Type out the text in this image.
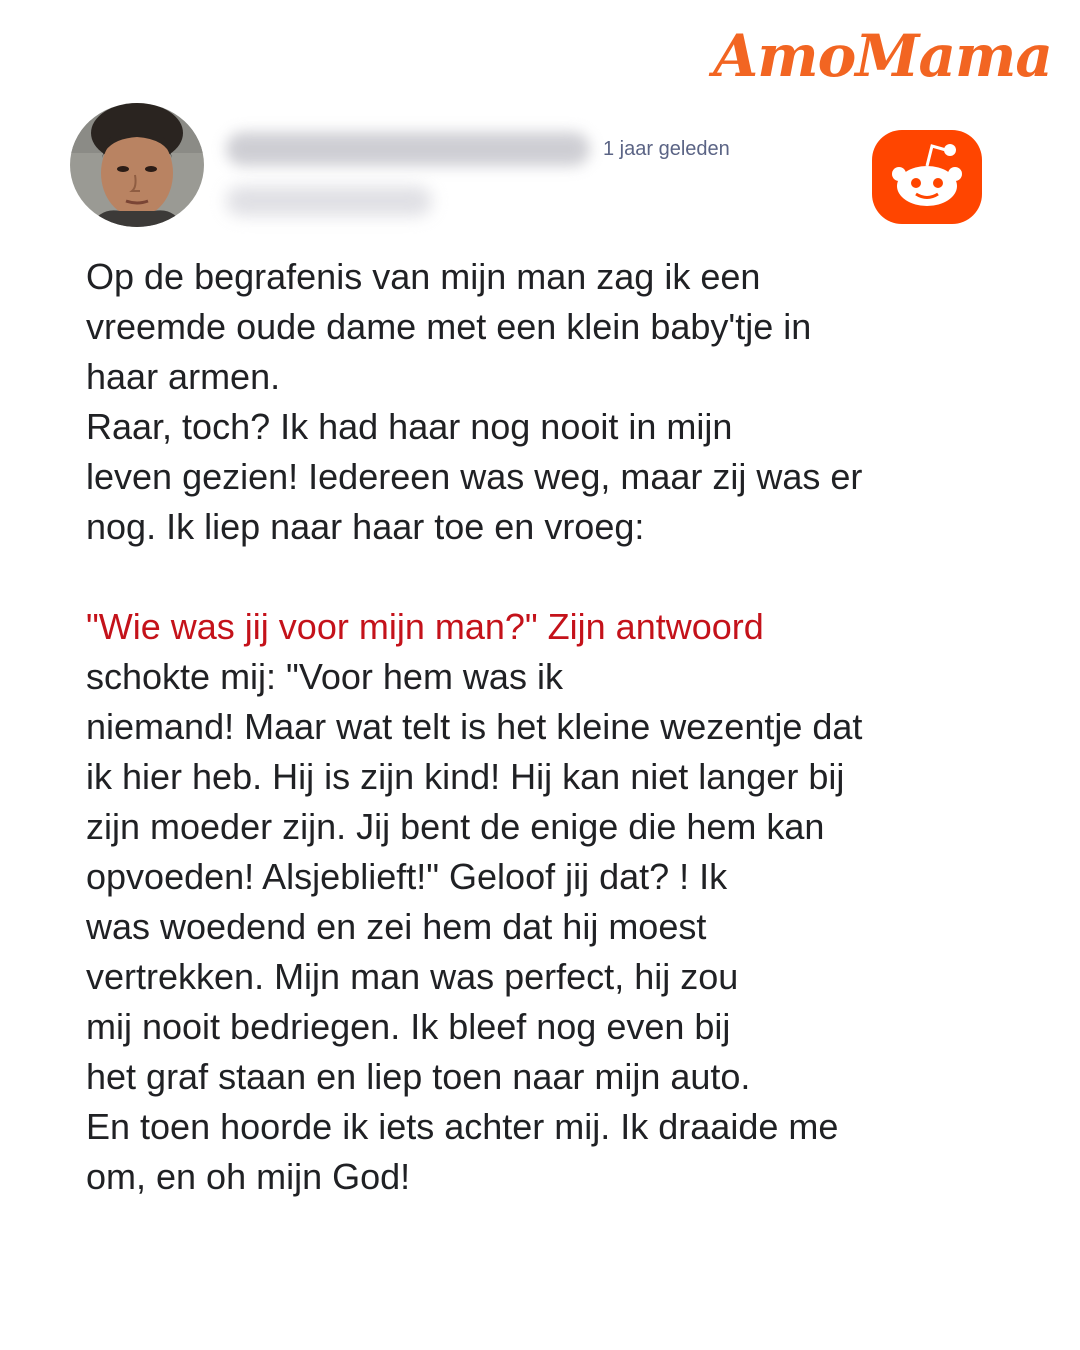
AmoMama
1 jaar geleden
Op de begrafenis van mijn man zag ik een
vreemde oude dame met een klein baby'tje in
haar armen.
Raar, toch? Ik had haar nog nooit in mijn
leven gezien! Iedereen was weg, maar zij was er
nog. Ik liep naar haar toe en vroeg:
"Wie was jij voor mijn man?" Zijn antwoord
schokte mij: "Voor hem was ik
niemand! Maar wat telt is het kleine wezentje dat
ik hier heb. Hij is zijn kind! Hij kan niet langer bij
zijn moeder zijn. Jij bent de enige die hem kan
opvoeden! Alsjeblieft!" Geloof jij dat? ! Ik
was woedend en zei hem dat hij moest
vertrekken. Mijn man was perfect, hij zou
mij nooit bedriegen. Ik bleef nog even bij
het graf staan en liep toen naar mijn auto.
En toen hoorde ik iets achter mij. Ik draaide me
om, en oh mijn God!
